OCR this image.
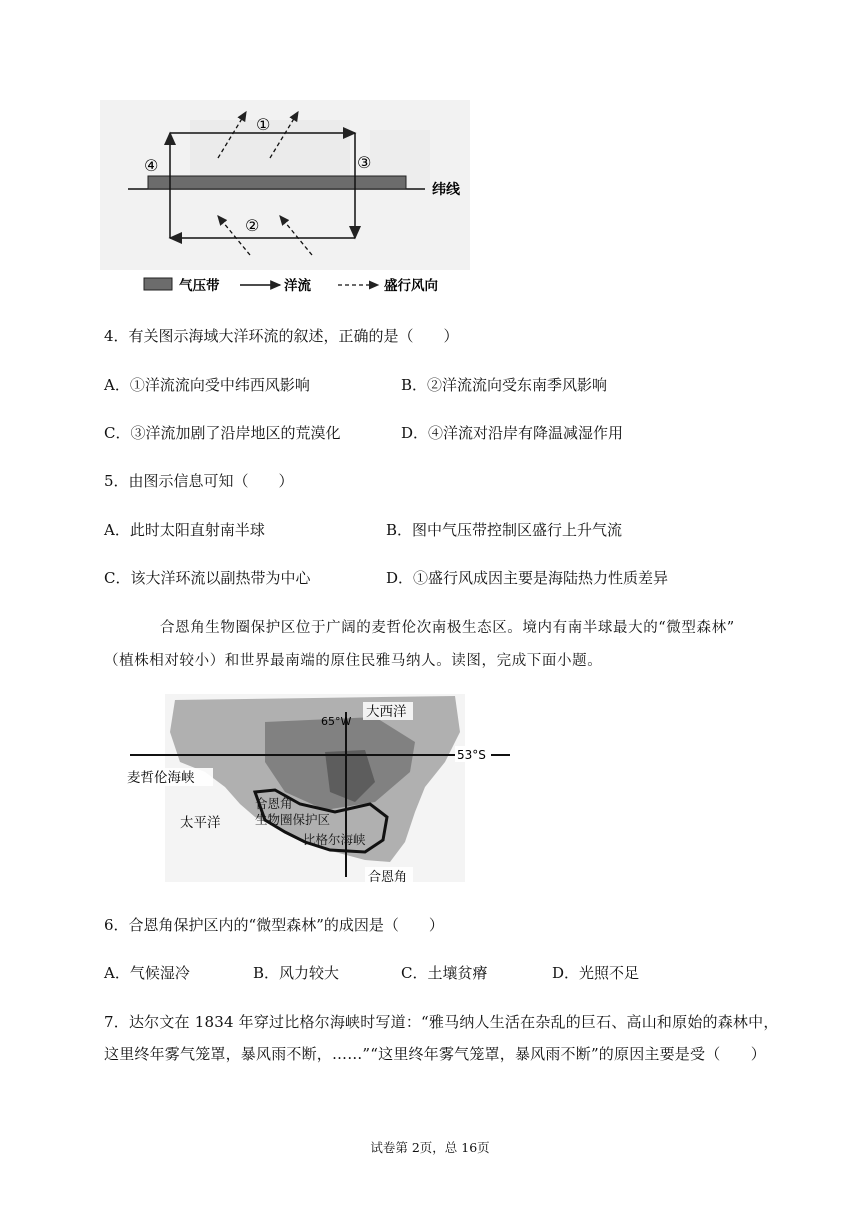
①
②
③
④
纬线
气压带	洋流	盛行风向
4．有关图示海域大洋环流的叙述，正确的是（　　）
A．①洋流流向受中纬西风影响	B．②洋流流向受东南季风影响
C．③洋流加剧了沿岸地区的荒漠化	D．④洋流对沿岸有降温减湿作用
5．由图示信息可知（　　）
A．此时太阳直射南半球	B．图中气压带控制区盛行上升气流
C．该大洋环流以副热带为中心	D．①盛行风成因主要是海陆热力性质差异
合恩角生物圈保护区位于广阔的麦哲伦次南极生态区。境内有南半球最大的“微型森林”
（植株相对较小）和世界最南端的原住民雅马纳人。读图，完成下面小题。
大西洋
65°W
53°S
麦哲伦海峡
太平洋
合恩角
生物圈保护区
比格尔海峡
合恩角
6．合恩角保护区内的“微型森林”的成因是（　　）
A．气候湿冷	B．风力较大	C．土壤贫瘠	D．光照不足
7．达尔文在 1834 年穿过比格尔海峡时写道：“雅马纳人生活在杂乱的巨石、高山和原始的森林中，
这里终年雾气笼罩，暴风雨不断，……”“这里终年雾气笼罩，暴风雨不断”的原因主要是受（　　）
试卷第 2页，总 16页
